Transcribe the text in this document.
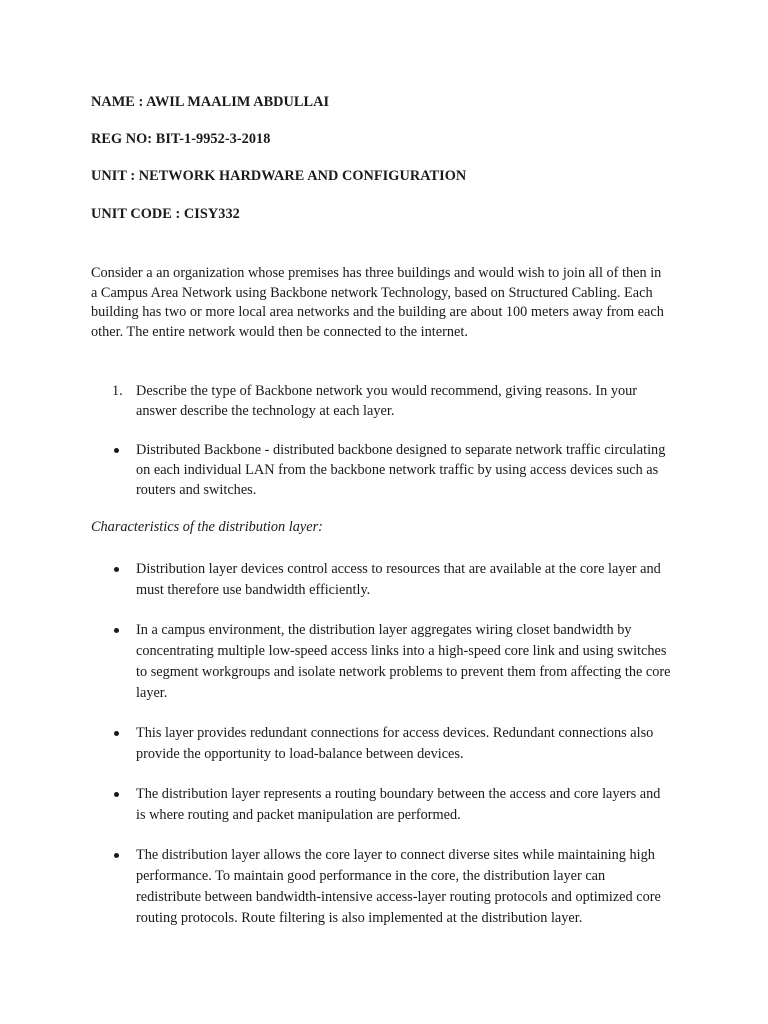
NAME : AWIL MAALIM ABDULLAI
REG NO: BIT-1-9952-3-2018
UNIT : NETWORK HARDWARE AND CONFIGURATION
UNIT CODE : CISY332

Consider a an organization whose premises has three buildings and would wish to join all of then in a Campus Area Network using Backbone network Technology, based on Structured Cabling. Each building has two or more local area networks and the building are about 100 meters away from each other. The entire network would then be connected to the internet.

1. Describe the type of Backbone network you would recommend, giving reasons. In your answer describe the technology at each layer.

Distributed Backbone - distributed backbone designed to separate network traffic circulating on each individual LAN from the backbone network traffic by using access devices such as routers and switches.

Characteristics of the distribution layer:

Distribution layer devices control access to resources that are available at the core layer and must therefore use bandwidth efficiently.

In a campus environment, the distribution layer aggregates wiring closet bandwidth by concentrating multiple low-speed access links into a high-speed core link and using switches to segment workgroups and isolate network problems to prevent them from affecting the core layer.

This layer provides redundant connections for access devices. Redundant connections also provide the opportunity to load-balance between devices.

The distribution layer represents a routing boundary between the access and core layers and is where routing and packet manipulation are performed.

The distribution layer allows the core layer to connect diverse sites while maintaining high performance. To maintain good performance in the core, the distribution layer can redistribute between bandwidth-intensive access-layer routing protocols and optimized core routing protocols. Route filtering is also implemented at the distribution layer.
